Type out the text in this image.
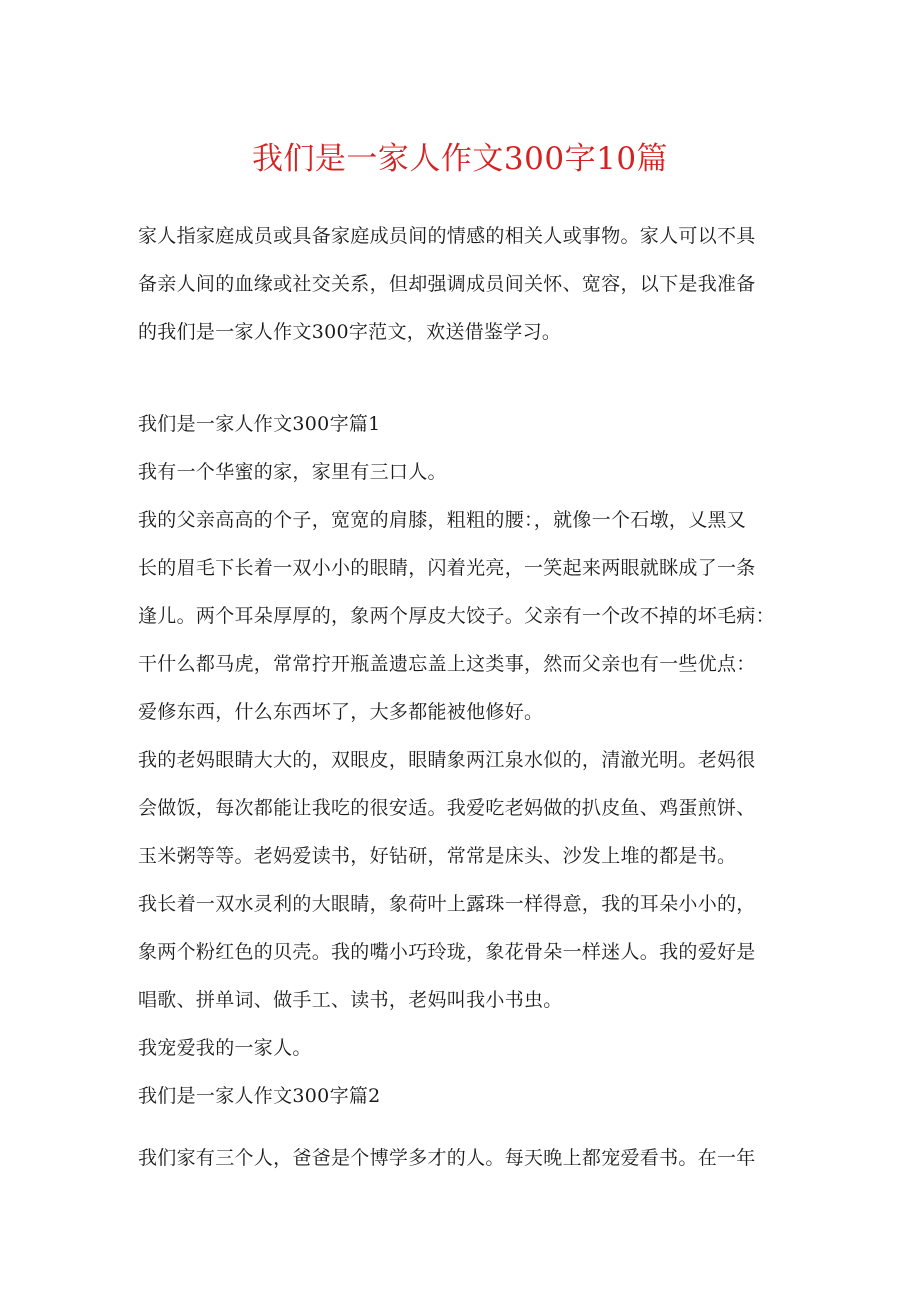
我们是一家人作文300字10篇
家人指家庭成员或具备家庭成员间的情感的相关人或事物。家人可以不具
备亲人间的血缘或社交关系，但却强调成员间关怀、宽容，以下是我准备
的我们是一家人作文300字范文，欢送借鉴学习。
我们是一家人作文300字篇1
我有一个华蜜的家，家里有三口人。
我的父亲高高的个子，宽宽的肩膝，粗粗的腰：，就像一个石墩，乂黑又
长的眉毛下长着一双小小的眼睛，闪着光亮，一笑起来两眼就眯成了一条
逢儿。两个耳朵厚厚的，象两个厚皮大饺子。父亲有一个改不掉的坏毛病：
干什么都马虎，常常拧开瓶盖遗忘盖上这类事，然而父亲也有一些优点：
爱修东西，什么东西坏了，大多都能被他修好。
我的老妈眼睛大大的，双眼皮，眼睛象两江泉水似的，清澈光明。老妈很
会做饭，每次都能让我吃的很安适。我爱吃老妈做的扒皮鱼、鸡蛋煎饼、
玉米粥等等。老妈爱读书，好钻研，常常是床头、沙发上堆的都是书。
我长着一双水灵利的大眼睛，象荷叶上露珠一样得意，我的耳朵小小的，
象两个粉红色的贝壳。我的嘴小巧玲珑，象花骨朵一样迷人。我的爱好是
唱歌、拼单词、做手工、读书，老妈叫我小书虫。
我宠爱我的一家人。
我们是一家人作文300字篇2
我们家有三个人，爸爸是个博学多才的人。每天晚上都宠爱看书。在一年
